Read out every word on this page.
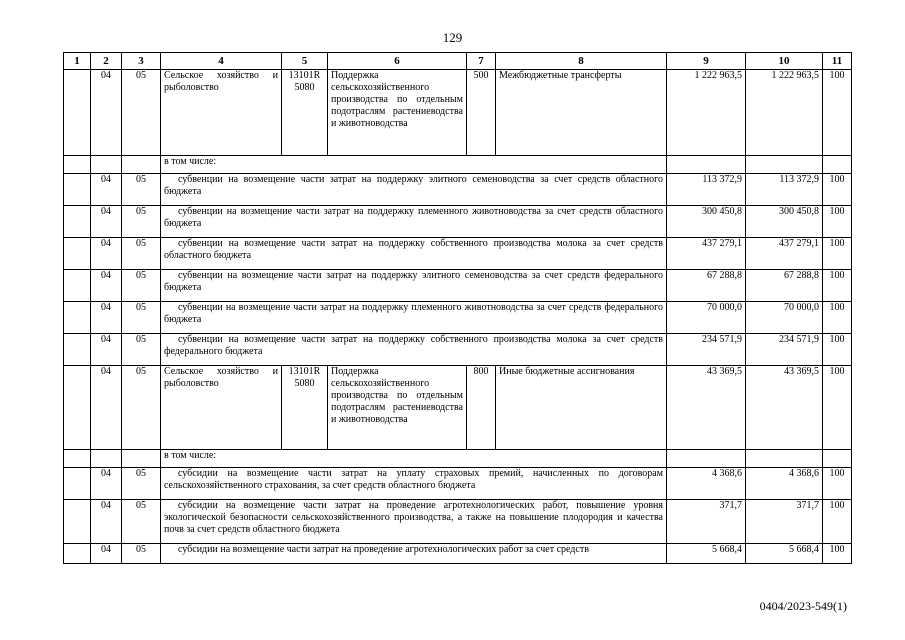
129
1	2	3	4	5	6	7	8	9	10	11
	04	05	Сельское хозяйство и рыболовство	13101R 5080	Поддержка сельскохозяйственного производства по отдельным подотраслям растениеводства и животноводства	500	Межбюджетные трансферты	1 222 963,5	1 222 963,5	100
			в том числе:							
	04	05	субвенции на возмещение части затрат на поддержку элитного семеноводства за счет средств областного бюджета					113 372,9	113 372,9	100
	04	05	субвенции на возмещение части затрат на поддержку племенного животноводства за счет средств областного бюджета					300 450,8	300 450,8	100
	04	05	субвенции на возмещение части затрат на поддержку собственного производства молока за счет средств областного бюджета					437 279,1	437 279,1	100
	04	05	субвенции на возмещение части затрат на поддержку элитного семеноводства за счет средств федерального бюджета					67 288,8	67 288,8	100
	04	05	субвенции на возмещение части затрат на поддержку племенного животноводства за счет средств федерального бюджета					70 000,0	70 000,0	100
	04	05	субвенции на возмещение части затрат на поддержку собственного производства молока за счет средств федерального бюджета					234 571,9	234 571,9	100
	04	05	Сельское хозяйство и рыболовство	13101R 5080	Поддержка сельскохозяйственного производства по отдельным подотраслям растениеводства и животноводства	800	Иные бюджетные ассигнования	43 369,5	43 369,5	100
			в том числе:							
	04	05	субсидии на возмещение части затрат на уплату страховых премий, начисленных по договорам сельскохозяйственного страхования, за счет средств областного бюджета					4 368,6	4 368,6	100
	04	05	субсидии на возмещение части затрат на проведение агротехнологических работ, повышение уровня экологической безопасности сельскохозяйственного производства, а также на повышение плодородия и качества почв за счет средств областного бюджета					371,7	371,7	100
	04	05	субсидии на возмещение части затрат на проведение агротехнологических работ за счет средств					5 668,4	5 668,4	100
0404/2023-549(1)
